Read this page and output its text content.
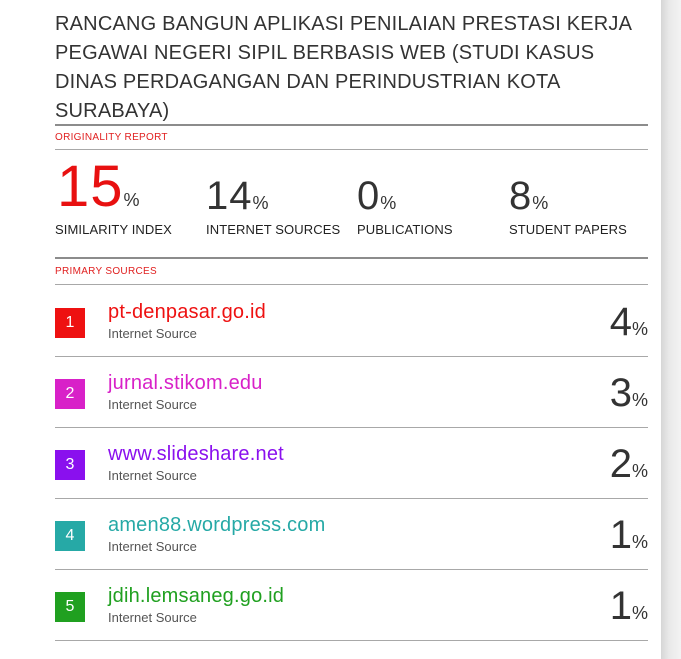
RANCANG BANGUN APLIKASI PENILAIAN PRESTASI KERJA PEGAWAI NEGERI SIPIL BERBASIS WEB (STUDI KASUS DINAS PERDAGANGAN DAN PERINDUSTRIAN KOTA SURABAYA)
ORIGINALITY REPORT
15%
SIMILARITY INDEX
14%
INTERNET SOURCES
0%
PUBLICATIONS
8%
STUDENT PAPERS
PRIMARY SOURCES
1	pt-denpasar.go.id
Internet Source	4%
2	jurnal.stikom.edu
Internet Source	3%
3	www.slideshare.net
Internet Source	2%
4	amen88.wordpress.com
Internet Source	1%
5	jdih.lemsaneg.go.id
Internet Source	1%
